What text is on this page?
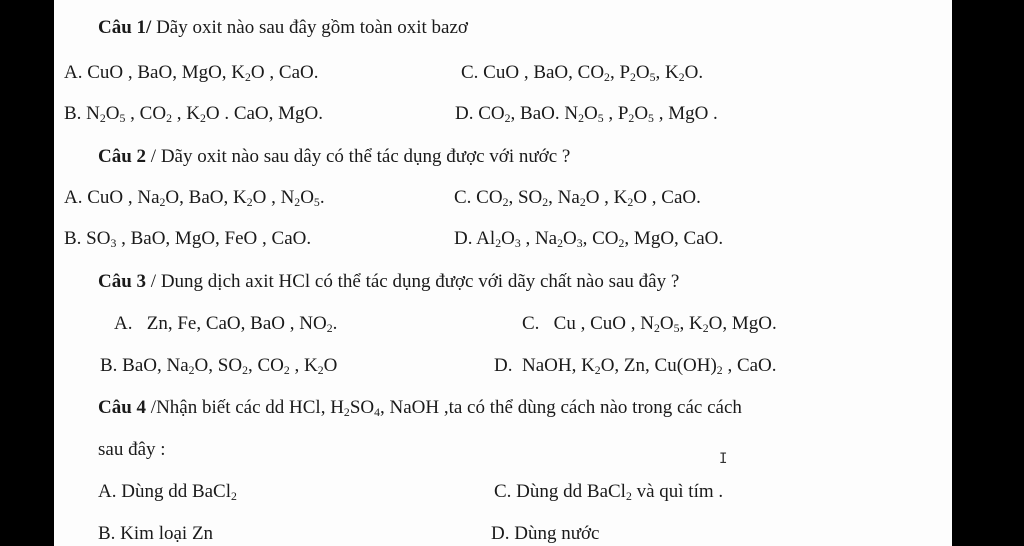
Câu 1/ Dãy oxit nào sau đây gồm toàn oxit bazơ
A. CuO , BaO, MgO, $K_2O$ , CaO.	C. CuO , BaO, $CO_2$, $P_2O_5$, $K_2O$.
B. $N_2O_5$ , $CO_2$ , $K_2O$ . CaO, MgO.	D. $CO_2$, BaO. $N_2O_5$ , $P_2O_5$ , MgO .
Câu 2 / Dãy oxit nào sau dây có thể tác dụng được với nước ?
A. CuO , $Na_2O$, BaO, $K_2O$ , $N_2O_5$.	C. $CO_2$, $SO_2$, $Na_2O$ , $K_2O$ , CaO.
B. $SO_3$ , BaO, MgO, FeO , CaO.	D. $Al_2O_3$ , $Na_2O_3$, $CO_2$, MgO, CaO.
Câu 3 / Dung dịch axit HCl có thể tác dụng được với dãy chất nào sau đây ?
A.   Zn, Fe, CaO, BaO , $NO_2$.	C.   Cu , CuO , $N_2O_5$, $K_2O$, MgO.
B. BaO, $Na_2O$, $SO_2$, $CO_2$ , $K_2O$	D.  NaOH, $K_2O$, Zn, $Cu(OH)_2$ , CaO.
Câu 4 /Nhận biết các dd HCl, $H_2SO_4$, NaOH ,ta có thể dùng cách nào trong các cách
sau đây :
A. Dùng dd BaCl$_2$	C. Dùng dd BaCl$_2$ và quì tím .
B. Kim loại Zn	D. Dùng nước
I
